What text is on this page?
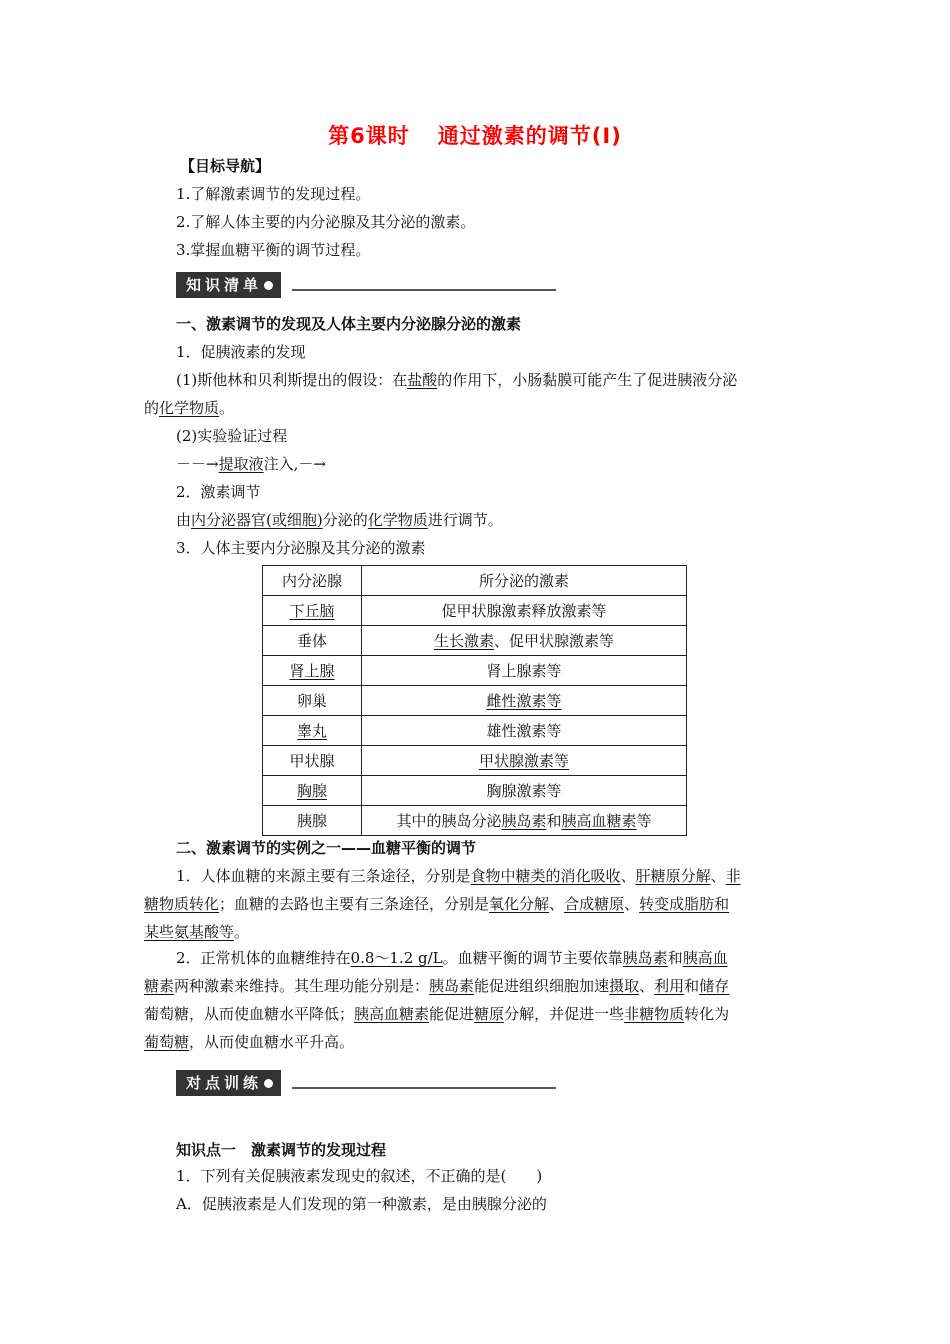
第6课时 通过激素的调节(Ⅰ)
【目标导航】
1.了解激素调节的发现过程。
2.了解人体主要的内分泌腺及其分泌的激素。
3.掌握血糖平衡的调节过程。
知识清单
一、激素调节的发现及人体主要内分泌腺分泌的激素
1．促胰液素的发现
(1)斯他林和贝利斯提出的假设：在盐酸的作用下，小肠黏膜可能产生了促进胰液分泌
的化学物质。
(2)实验验证过程
－－→提取液注入,－→
2．激素调节
由内分泌器官(或细胞)分泌的化学物质进行调节。
3．人体主要内分泌腺及其分泌的激素
内分泌腺	所分泌的激素
下丘脑	促甲状腺激素释放激素等
垂体	生长激素、促甲状腺激素等
肾上腺	肾上腺素等
卵巢	雌性激素等
睾丸	雄性激素等
甲状腺	甲状腺激素等
胸腺	胸腺激素等
胰腺	其中的胰岛分泌胰岛素和胰高血糖素等
二、激素调节的实例之一——血糖平衡的调节
1．人体血糖的来源主要有三条途径，分别是食物中糖类的消化吸收、肝糖原分解、非
糖物质转化；血糖的去路也主要有三条途径，分别是氧化分解、合成糖原、转变成脂肪和
某些氨基酸等。
2．正常机体的血糖维持在0.8～1.2 g/L。血糖平衡的调节主要依靠胰岛素和胰高血
糖素两种激素来维持。其生理功能分别是：胰岛素能促进组织细胞加速摄取、利用和储存
葡萄糖，从而使血糖水平降低；胰高血糖素能促进糖原分解，并促进一些非糖物质转化为
葡萄糖，从而使血糖水平升高。
对点训练
知识点一　激素调节的发现过程
1．下列有关促胰液素发现史的叙述，不正确的是(　　)
A．促胰液素是人们发现的第一种激素，是由胰腺分泌的
